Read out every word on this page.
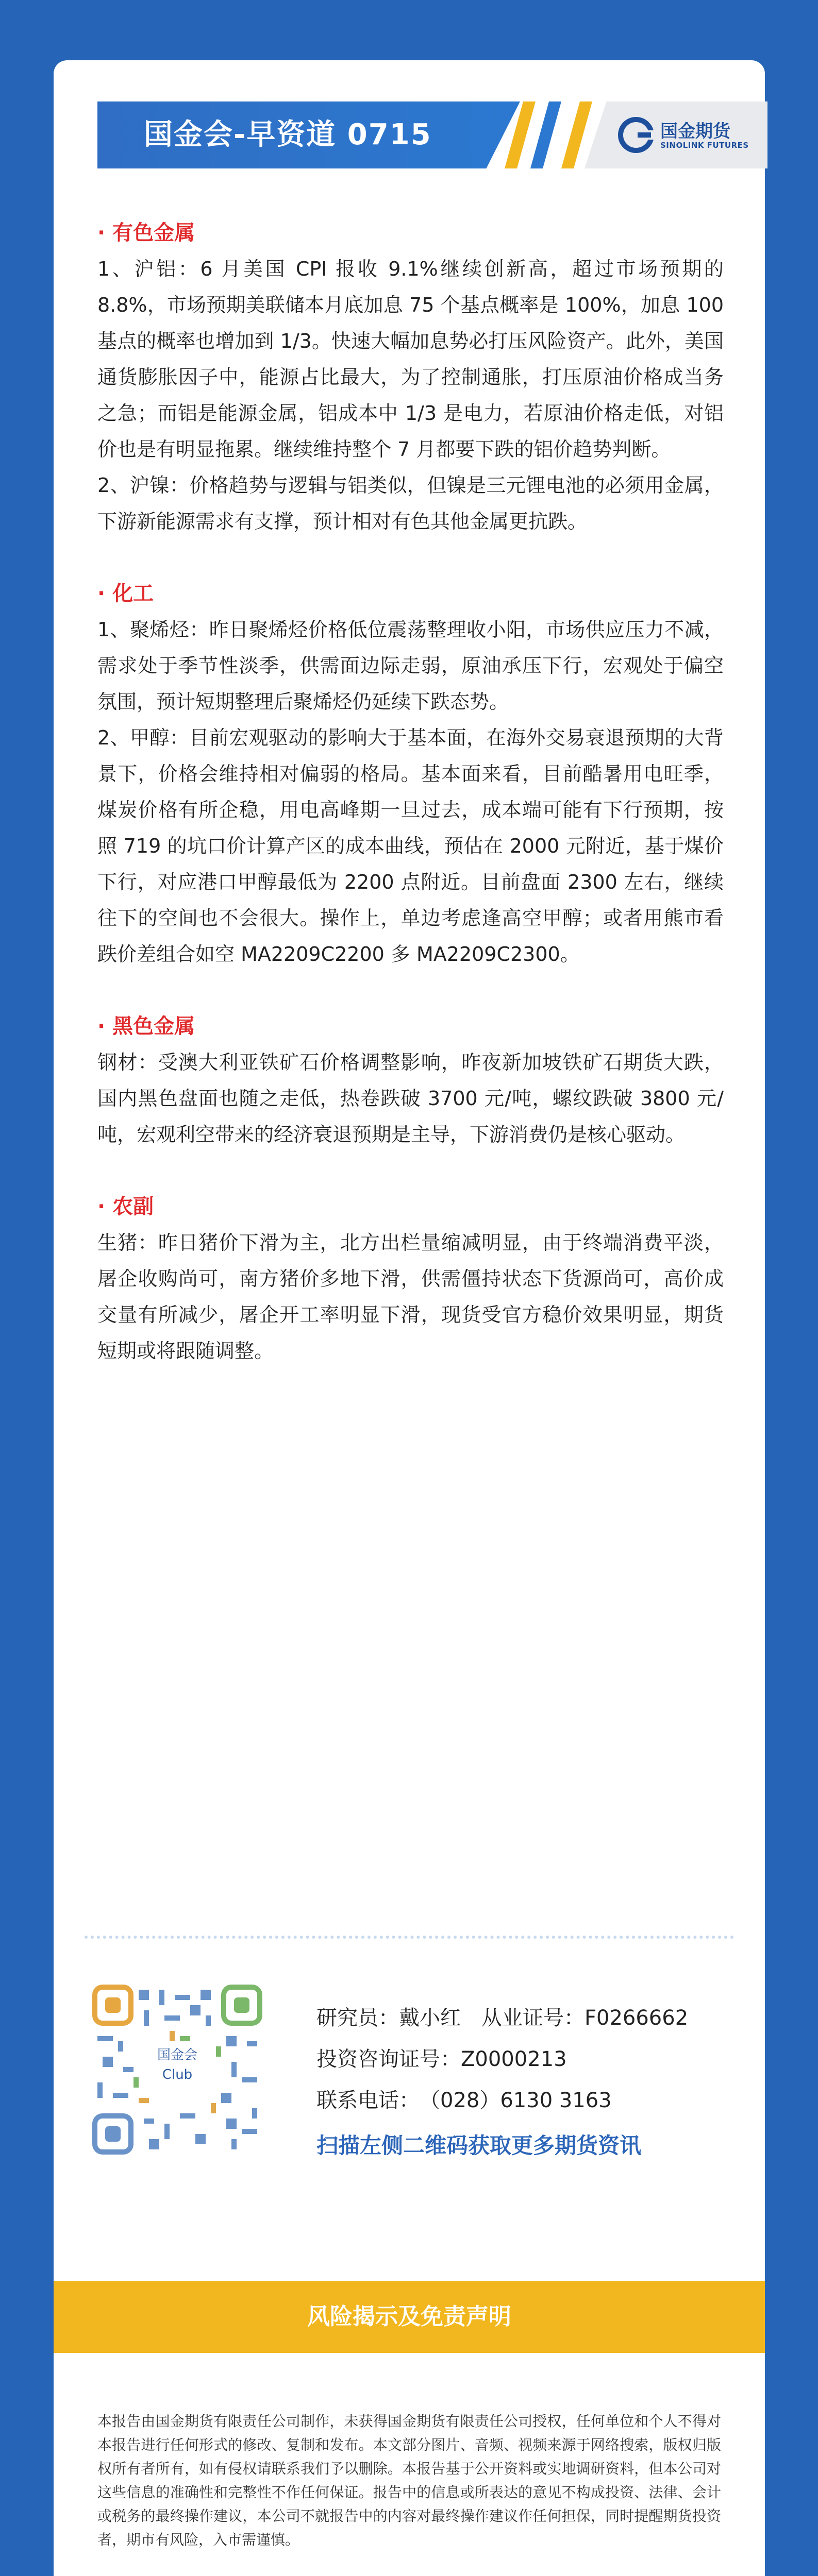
国金会-早资道 0715	国金期货
SINOLINK FUTURES

· 有色金属

1、沪铝：6 月美国 CPI 报收 9.1%继续创新高，超过市场预期的 8.8%，市场预期美联储本月底加息 75 个基点概率是 100%，加息 100 基点的概率也增加到 1/3。快速大幅加息势必打压风险资产。此外，美国通货膨胀因子中，能源占比最大，为了控制通胀，打压原油价格成当务之急；而铝是能源金属，铝成本中 1/3 是电力，若原油价格走低，对铝价也是有明显拖累。继续维持整个 7 月都要下跌的铝价趋势判断。

2、沪镍：价格趋势与逻辑与铝类似，但镍是三元锂电池的必须用金属，下游新能源需求有支撑，预计相对有色其他金属更抗跌。

· 化工

1、聚烯烃：昨日聚烯烃价格低位震荡整理收小阳，市场供应压力不减，需求处于季节性淡季，供需面边际走弱，原油承压下行，宏观处于偏空氛围，预计短期整理后聚烯烃仍延续下跌态势。

2、甲醇：目前宏观驱动的影响大于基本面，在海外交易衰退预期的大背景下，价格会维持相对偏弱的格局。基本面来看，目前酷暑用电旺季，煤炭价格有所企稳，用电高峰期一旦过去，成本端可能有下行预期，按照 719 的坑口价计算产区的成本曲线，预估在 2000 元附近，基于煤价下行，对应港口甲醇最低为 2200 点附近。目前盘面 2300 左右，继续往下的空间也不会很大。操作上，单边考虑逢高空甲醇；或者用熊市看跌价差组合如空 MA2209C2200 多 MA2209C2300。

· 黑色金属

钢材：受澳大利亚铁矿石价格调整影响，昨夜新加坡铁矿石期货大跌，国内黑色盘面也随之走低，热卷跌破 3700 元/吨，螺纹跌破 3800 元/吨，宏观利空带来的经济衰退预期是主导，下游消费仍是核心驱动。

· 农副

生猪：昨日猪价下滑为主，北方出栏量缩减明显，由于终端消费平淡，屠企收购尚可，南方猪价多地下滑，供需僵持状态下货源尚可，高价成交量有所减少，屠企开工率明显下滑，现货受官方稳价效果明显，期货短期或将跟随调整。

国金会
Club
研究员：戴小红 从业证号：F0266662
投资咨询证号：Z0000213
联系电话：（028）6130 3163
扫描左侧二维码获取更多期货资讯
风险揭示及免责声明
本报告由国金期货有限责任公司制作，未获得国金期货有限责任公司授权，任何单位和个人不得对本报告进行任何形式的修改、复制和发布。本文部分图片、音频、视频来源于网络搜索，版权归版权所有者所有，如有侵权请联系我们予以删除。本报告基于公开资料或实地调研资料，但本公司对这些信息的准确性和完整性不作任何保证。报告中的信息或所表达的意见不构成投资、法律、会计或税务的最终操作建议，本公司不就报告中的内容对最终操作建议作任何担保，同时提醒期货投资者，期市有风险，入市需谨慎。
